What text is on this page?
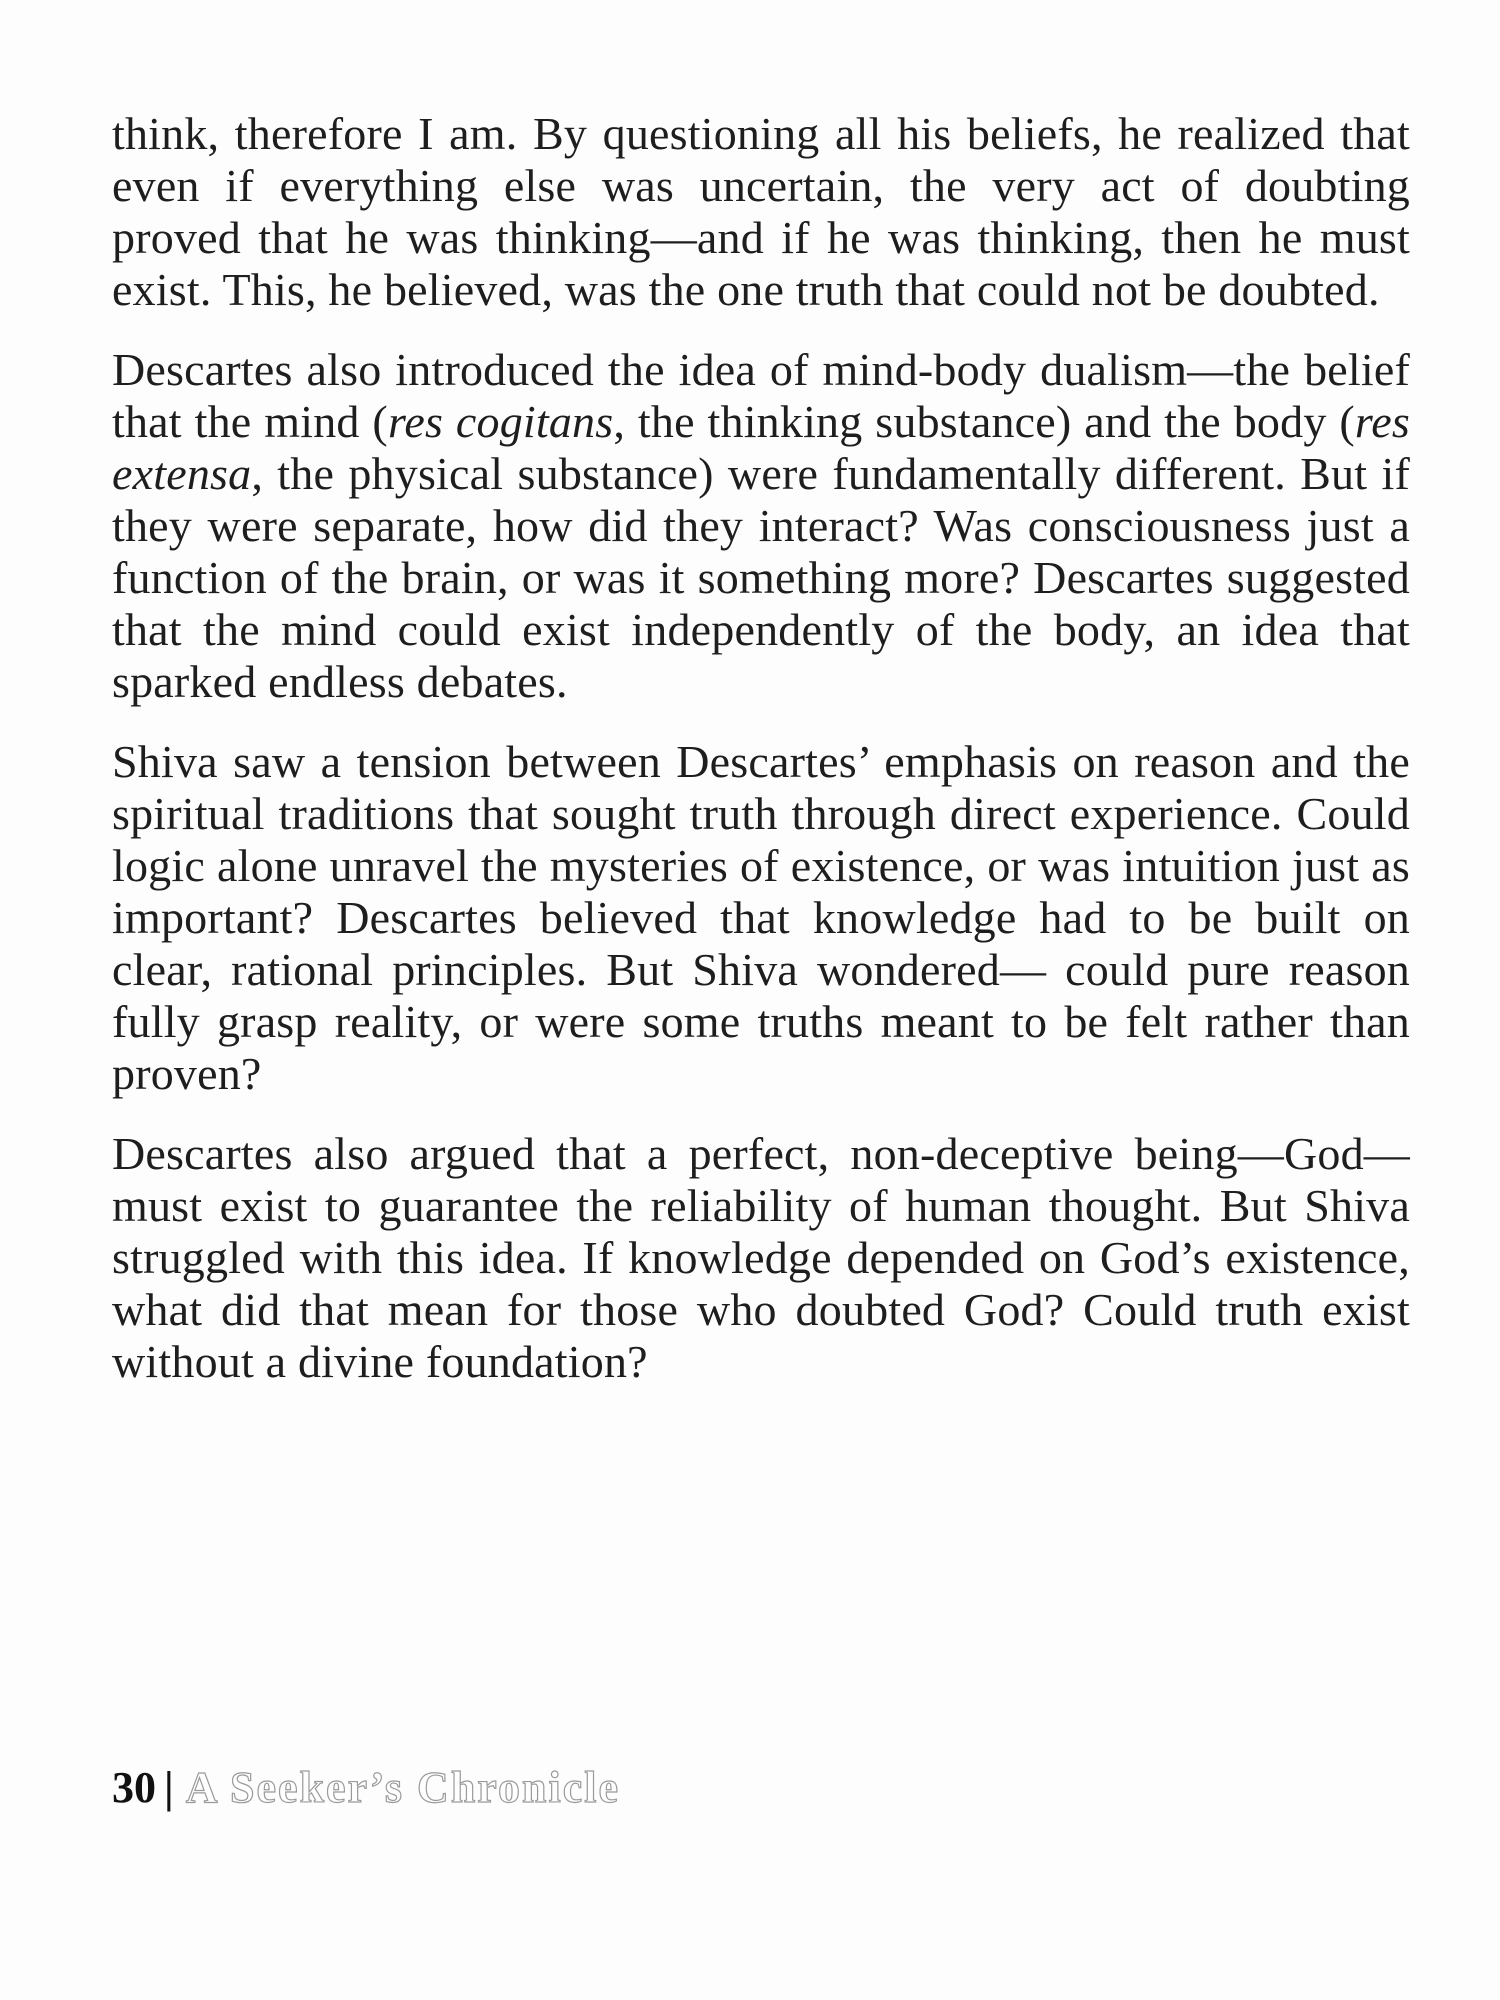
think, therefore I am. By questioning all his beliefs, he realized that even if everything else was uncertain, the very act of doubting proved that he was thinking—and if he was thinking, then he must exist. This, he believed, was the one truth that could not be doubted.

Descartes also introduced the idea of mind-body dualism—the belief that the mind (res cogitans, the thinking substance) and the body (res extensa, the physical substance) were fundamentally different. But if they were separate, how did they interact? Was consciousness just a function of the brain, or was it something more? Descartes suggested that the mind could exist independently of the body, an idea that sparked endless debates.

Shiva saw a tension between Descartes’ emphasis on reason and the spiritual traditions that sought truth through direct experience. Could logic alone unravel the mysteries of existence, or was intuition just as important? Descartes believed that knowledge had to be built on clear, rational principles. But Shiva wondered— could pure reason fully grasp reality, or were some truths meant to be felt rather than proven?

Descartes also argued that a perfect, non-deceptive being—God—must exist to guarantee the reliability of human thought. But Shiva struggled with this idea. If knowledge depended on God’s existence, what did that mean for those who doubted God? Could truth exist without a divine foundation?

30 | A Seeker’s Chronicle
